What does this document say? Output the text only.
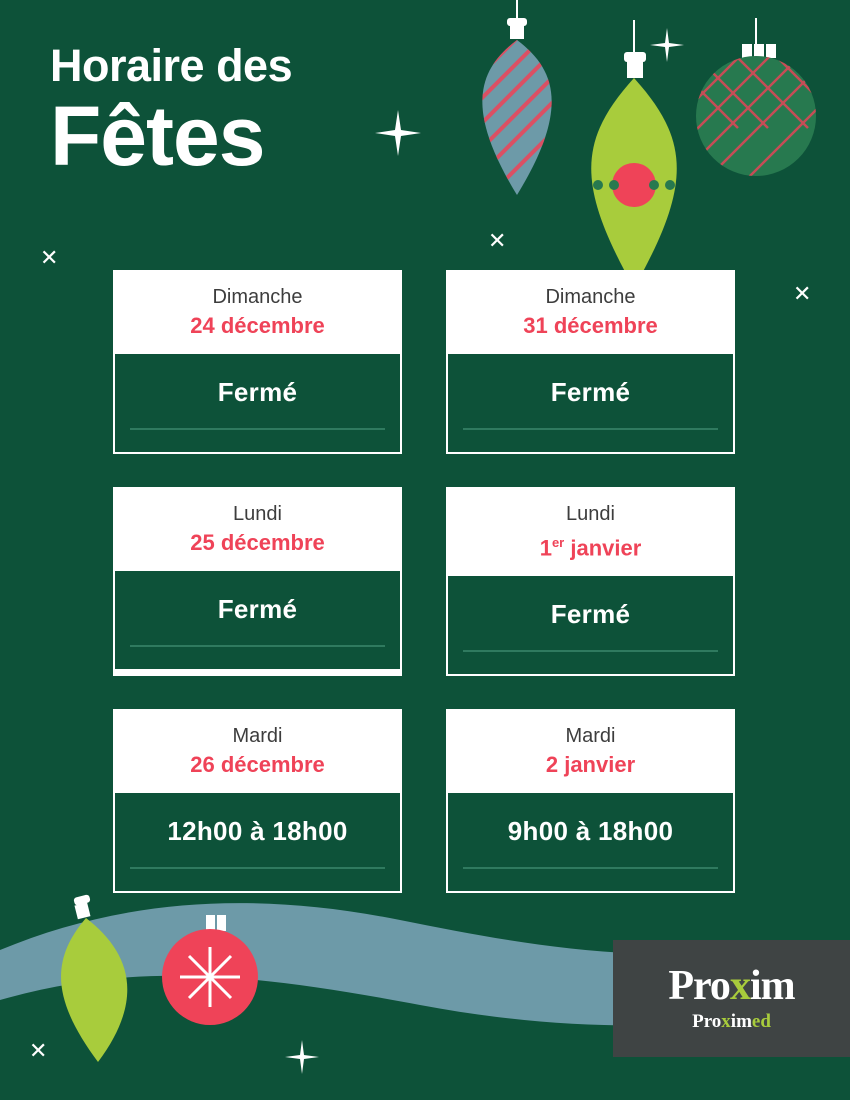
✕
✕
✕
✕
Horaire des
Fêtes
Dimanche
24 décembre
Fermé
Dimanche
31 décembre
Fermé
Lundi
25 décembre
Fermé
Lundi
1er janvier
Fermé
Mardi
26 décembre
12h00 à 18h00
Mardi
2 janvier
9h00 à 18h00
Proxim
Proximed
